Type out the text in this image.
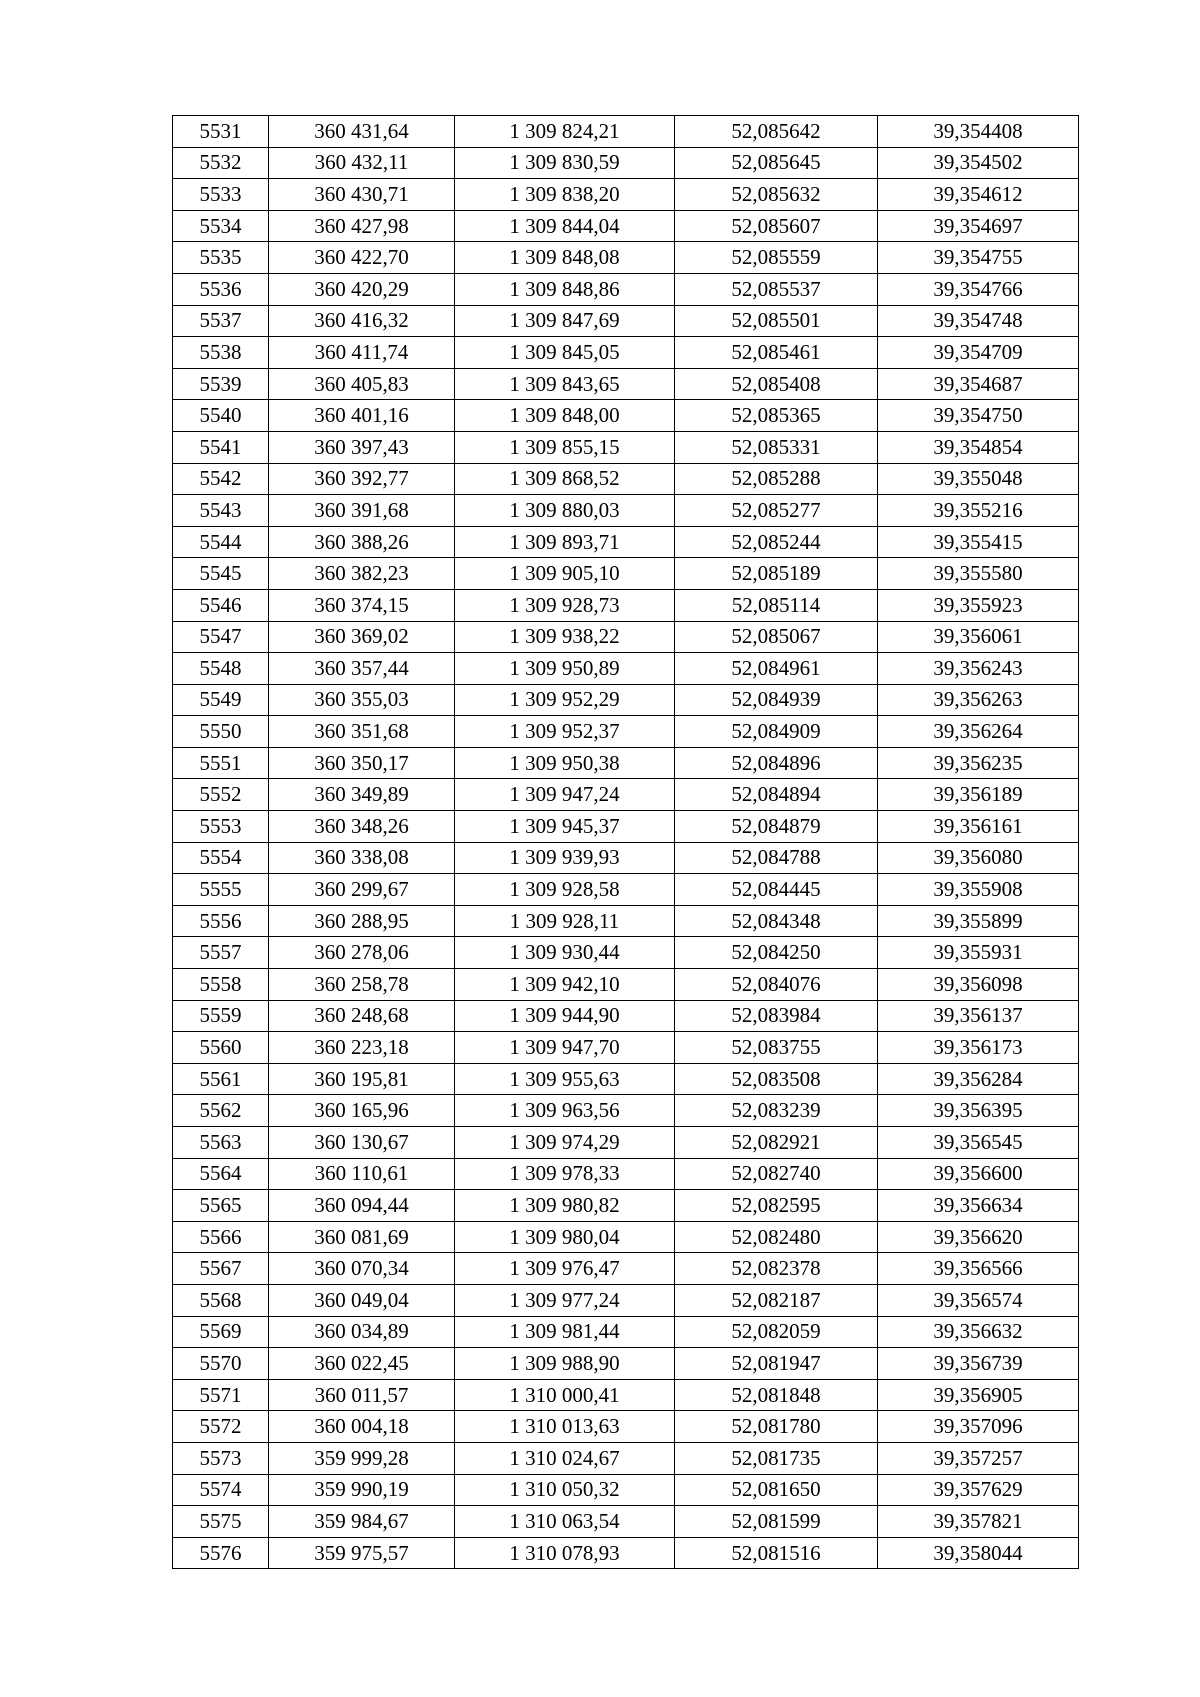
5531	360 431,64	1 309 824,21	52,085642	39,354408
5532	360 432,11	1 309 830,59	52,085645	39,354502
5533	360 430,71	1 309 838,20	52,085632	39,354612
5534	360 427,98	1 309 844,04	52,085607	39,354697
5535	360 422,70	1 309 848,08	52,085559	39,354755
5536	360 420,29	1 309 848,86	52,085537	39,354766
5537	360 416,32	1 309 847,69	52,085501	39,354748
5538	360 411,74	1 309 845,05	52,085461	39,354709
5539	360 405,83	1 309 843,65	52,085408	39,354687
5540	360 401,16	1 309 848,00	52,085365	39,354750
5541	360 397,43	1 309 855,15	52,085331	39,354854
5542	360 392,77	1 309 868,52	52,085288	39,355048
5543	360 391,68	1 309 880,03	52,085277	39,355216
5544	360 388,26	1 309 893,71	52,085244	39,355415
5545	360 382,23	1 309 905,10	52,085189	39,355580
5546	360 374,15	1 309 928,73	52,085114	39,355923
5547	360 369,02	1 309 938,22	52,085067	39,356061
5548	360 357,44	1 309 950,89	52,084961	39,356243
5549	360 355,03	1 309 952,29	52,084939	39,356263
5550	360 351,68	1 309 952,37	52,084909	39,356264
5551	360 350,17	1 309 950,38	52,084896	39,356235
5552	360 349,89	1 309 947,24	52,084894	39,356189
5553	360 348,26	1 309 945,37	52,084879	39,356161
5554	360 338,08	1 309 939,93	52,084788	39,356080
5555	360 299,67	1 309 928,58	52,084445	39,355908
5556	360 288,95	1 309 928,11	52,084348	39,355899
5557	360 278,06	1 309 930,44	52,084250	39,355931
5558	360 258,78	1 309 942,10	52,084076	39,356098
5559	360 248,68	1 309 944,90	52,083984	39,356137
5560	360 223,18	1 309 947,70	52,083755	39,356173
5561	360 195,81	1 309 955,63	52,083508	39,356284
5562	360 165,96	1 309 963,56	52,083239	39,356395
5563	360 130,67	1 309 974,29	52,082921	39,356545
5564	360 110,61	1 309 978,33	52,082740	39,356600
5565	360 094,44	1 309 980,82	52,082595	39,356634
5566	360 081,69	1 309 980,04	52,082480	39,356620
5567	360 070,34	1 309 976,47	52,082378	39,356566
5568	360 049,04	1 309 977,24	52,082187	39,356574
5569	360 034,89	1 309 981,44	52,082059	39,356632
5570	360 022,45	1 309 988,90	52,081947	39,356739
5571	360 011,57	1 310 000,41	52,081848	39,356905
5572	360 004,18	1 310 013,63	52,081780	39,357096
5573	359 999,28	1 310 024,67	52,081735	39,357257
5574	359 990,19	1 310 050,32	52,081650	39,357629
5575	359 984,67	1 310 063,54	52,081599	39,357821
5576	359 975,57	1 310 078,93	52,081516	39,358044
